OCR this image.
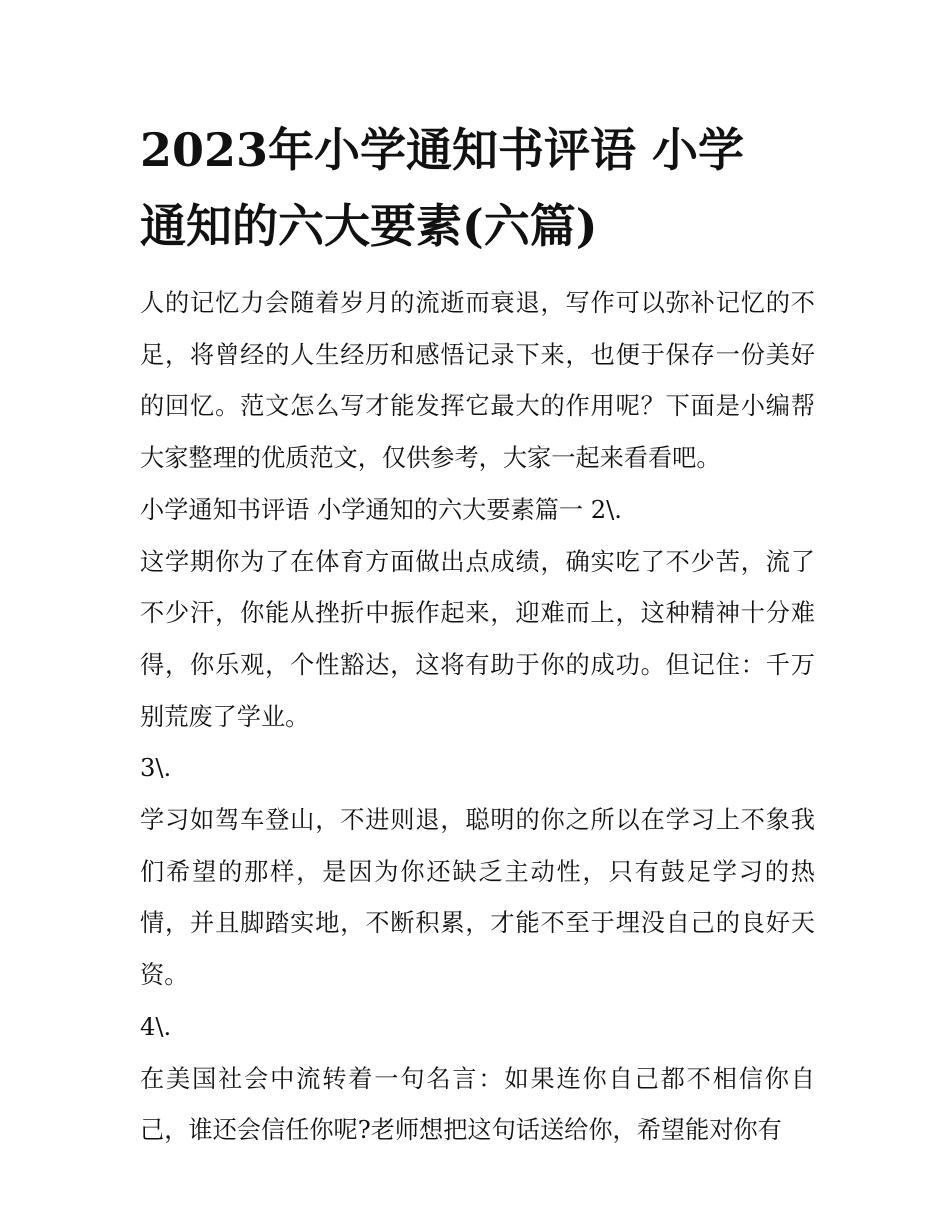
2023年小学通知书评语 小学
通知的六大要素(六篇)

人的记忆力会随着岁月的流逝而衰退，写作可以弥补记忆的不足，将曾经的人生经历和感悟记录下来，也便于保存一份美好的回忆。范文怎么写才能发挥它最大的作用呢？下面是小编帮大家整理的优质范文，仅供参考，大家一起来看看吧。

小学通知书评语 小学通知的六大要素篇一 2\.

这学期你为了在体育方面做出点成绩，确实吃了不少苦，流了不少汗，你能从挫折中振作起来，迎难而上，这种精神十分难得，你乐观，个性豁达，这将有助于你的成功。但记住：千万别荒废了学业。

3\.

学习如驾车登山，不进则退，聪明的你之所以在学习上不象我们希望的那样，是因为你还缺乏主动性，只有鼓足学习的热情，并且脚踏实地，不断积累，才能不至于埋没自己的良好天资。

4\.

在美国社会中流转着一句名言：如果连你自己都不相信你自己，谁还会信任你呢?老师想把这句话送给你，希望能对你有
